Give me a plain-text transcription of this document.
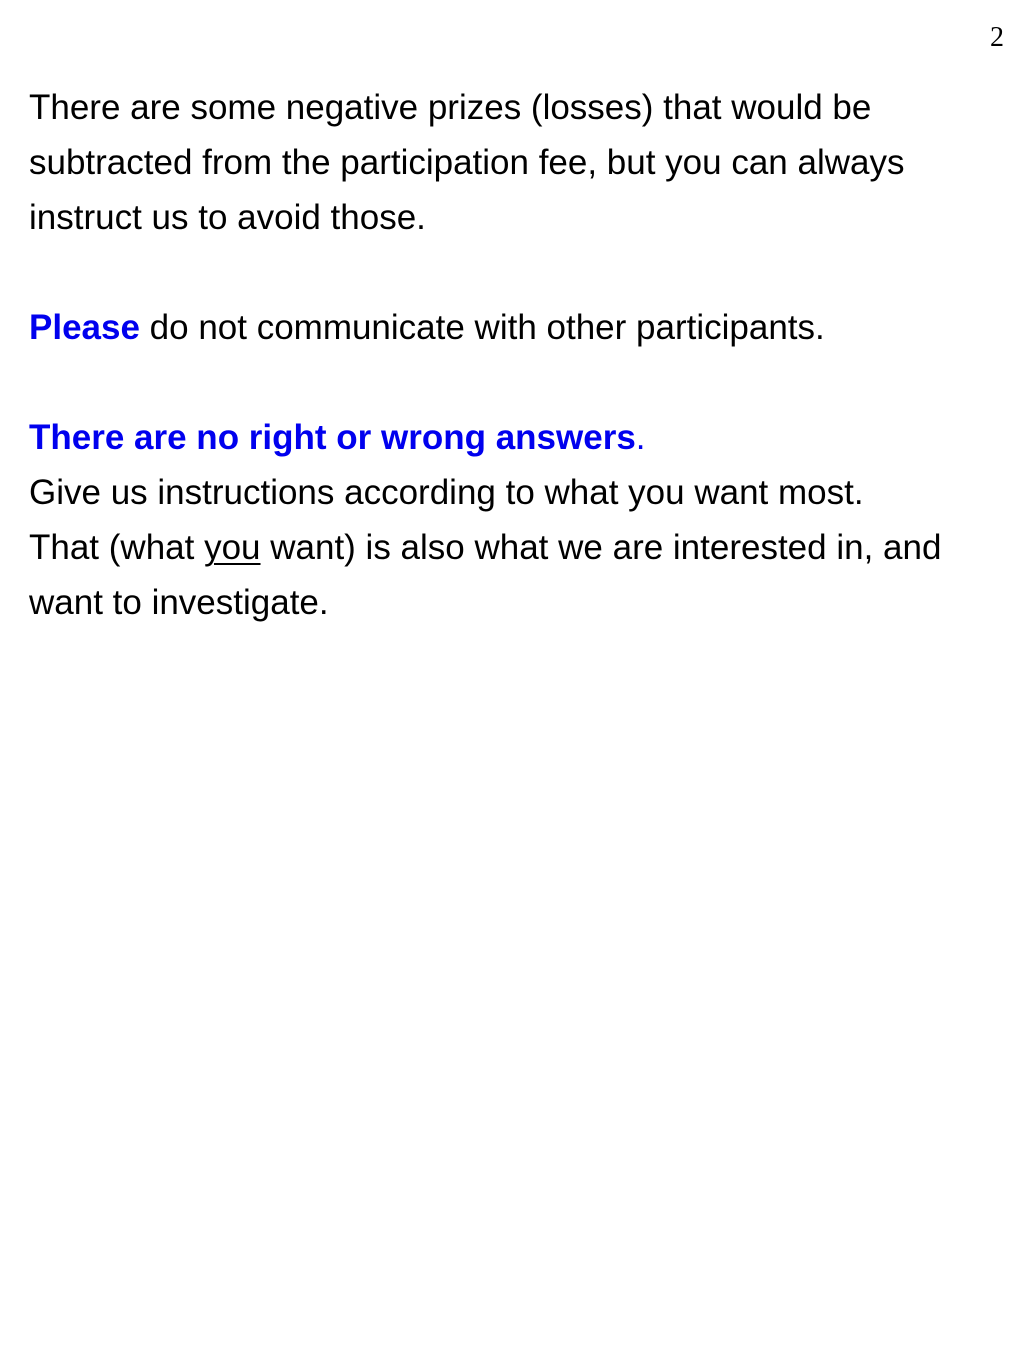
2

There are some negative prizes (losses) that would be
subtracted from the participation fee, but you can always
instruct us to avoid those.

Please do not communicate with other participants.

There are no right or wrong answers.
Give us instructions according to what you want most.
That (what you want) is also what we are interested in, and
want to investigate.
